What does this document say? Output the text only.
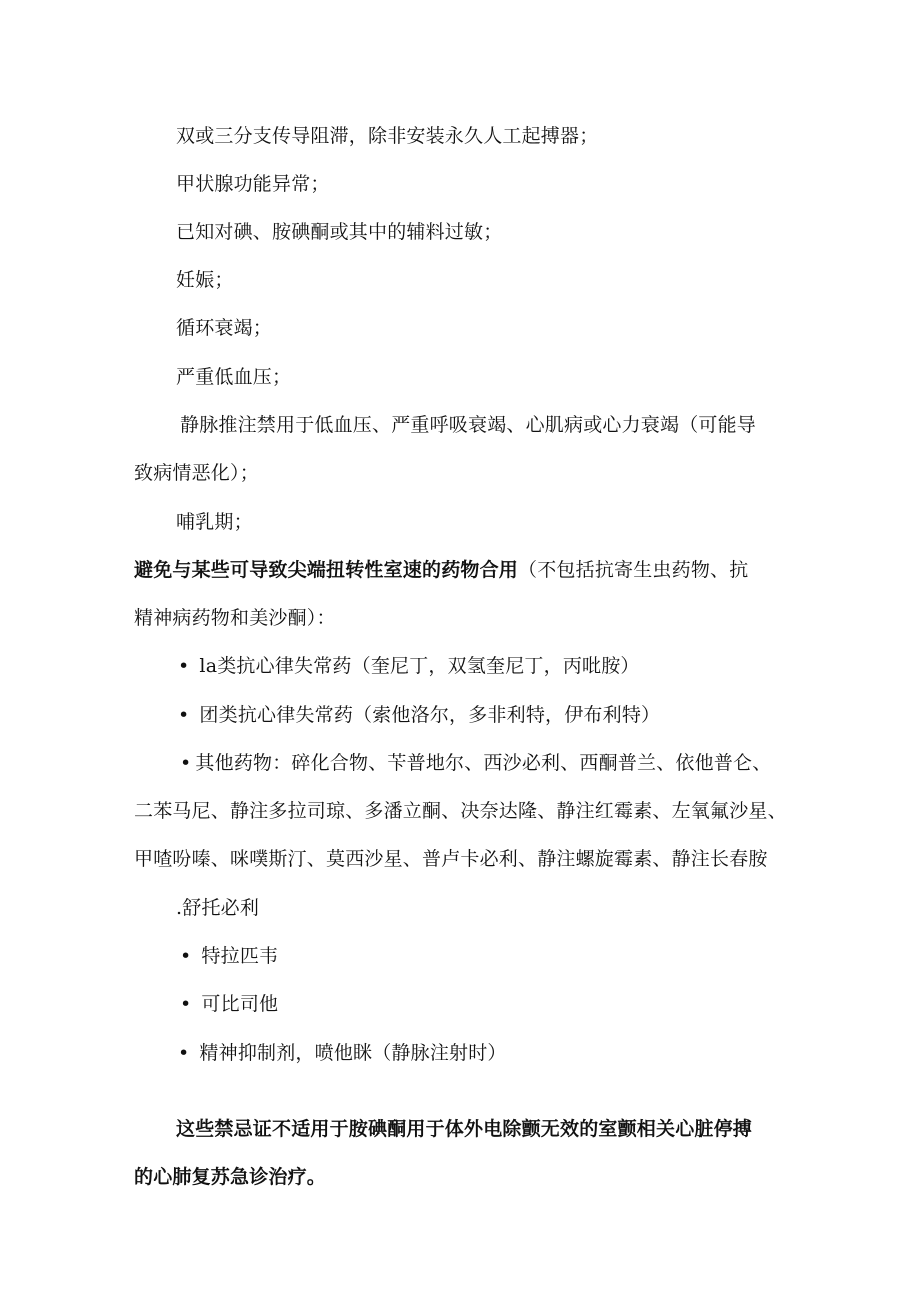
双或三分支传导阻滞，除非安装永久人工起搏器；
甲状腺功能异常；
已知对碘、胺碘酮或其中的辅料过敏；
妊娠；
循环衰竭；
严重低血压；
静脉推注禁用于低血压、严重呼吸衰竭、心肌病或心力衰竭（可能导
致病情恶化）；
哺乳期；
避免与某些可导致尖端扭转性室速的药物合用（不包括抗寄生虫药物、抗
精神病药物和美沙酮）：
• la类抗心律失常药（奎尼丁，双氢奎尼丁，丙吡胺）
• 团类抗心律失常药（索他洛尔，多非利特，伊布利特）
• 其他药物：碎化合物、苄普地尔、西沙必利、西酮普兰、依他普仑、
二苯马尼、静注多拉司琼、多潘立酮、决奈达隆、静注红霉素、左氧氟沙星、
甲喳吩嗪、咪噗斯汀、莫西沙星、普卢卡必利、静注螺旋霉素、静注长春胺
.舒托必利
• 特拉匹韦
• 可比司他
• 精神抑制剂，喷他眯（静脉注射时）
这些禁忌证不适用于胺碘酮用于体外电除颤无效的室颤相关心脏停搏
的心肺复苏急诊治疗。
